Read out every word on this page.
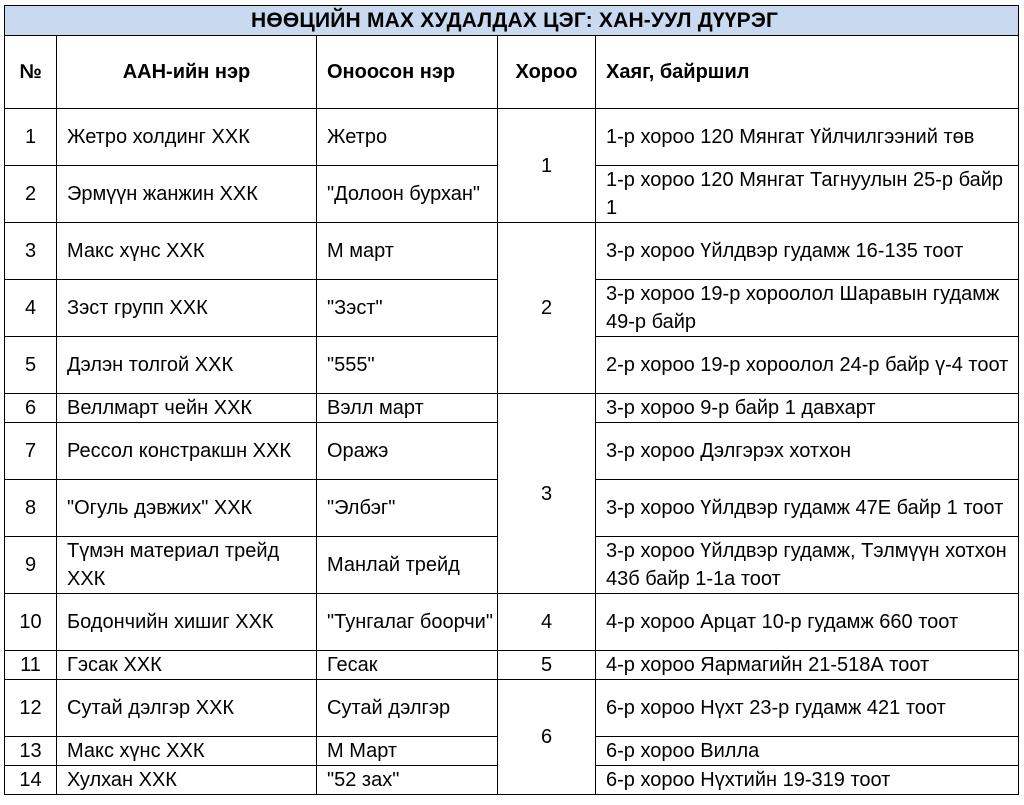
НӨӨЦИЙН МАХ ХУДАЛДАХ ЦЭГ: ХАН-УУЛ ДҮҮРЭГ				
№	ААН-ийн нэр	Оноосон нэр	Хороо	Хаяг, байршил
1	Жетро холдинг ХХК	Жетро	1	1-р хороо 120 Мянгат Үйлчилгээний төв
2	Эрмүүн жанжин ХХК	"Долоон бурхан"		1-р хороо 120 Мянгат Тагнуулын 25-р байр 1
3	Макс хүнс ХХК	М март	2	3-р хороо Үйлдвэр гудамж 16-135 тоот
4	Зэст групп ХХК	"Зэст"		3-р хороо 19-р хороолол Шаравын гудамж 49-р байр
5	Дэлэн толгой ХХК	"555"		2-р хороо 19-р хороолол 24-р байр ү-4 тоот
6	Веллмарт чейн ХХК	Вэлл март	3	3-р хороо 9-р байр 1 давхарт
7	Рессол констракшн ХХК	Оражэ		3-р хороо Дэлгэрэх хотхон
8	"Огуль дэвжих" ХХК	"Элбэг"		3-р хороо Үйлдвэр гудамж 47Е байр 1 тоот
9	Түмэн материал трейд ХХК	Манлай трейд		3-р хороо Үйлдвэр гудамж, Тэлмүүн хотхон 43б байр 1-1а тоот
10	Бодончийн хишиг ХХК	"Тунгалаг боорчи"	4	4-р хороо Арцат 10-р гудамж 660 тоот
11	Гэсак ХХК	Гесак	5	4-р хороо Яармагийн 21-518А тоот
12	Сутай дэлгэр ХХК	Сутай дэлгэр	6	6-р хороо Нүхт 23-р гудамж 421 тоот
13	Макс хүнс ХХК	М Март		6-р хороо Вилла
14	Хулхан ХХК	"52 зах"		6-р хороо Нүхтийн 19-319 тоот
